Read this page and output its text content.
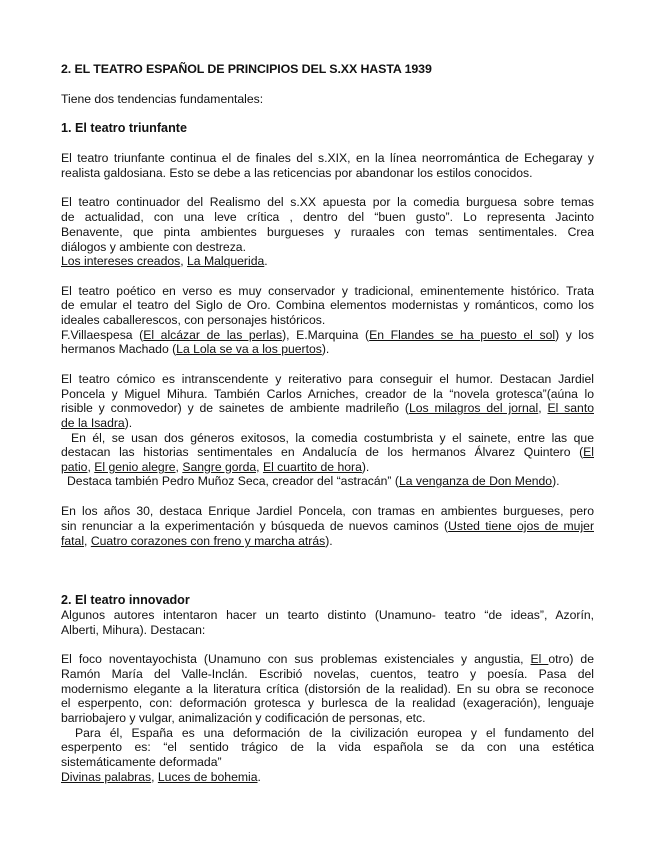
2. EL TEATRO ESPAÑOL DE PRINCIPIOS DEL S.XX HASTA 1939
Tiene dos tendencias fundamentales:
1. El teatro triunfante
El teatro triunfante continua el de finales del s.XIX, en la línea neorromántica de Echegaray y
realista galdosiana. Esto se debe a las reticencias por abandonar los estilos conocidos.
El teatro continuador del Realismo del s.XX apuesta por la comedia burguesa sobre temas
de actualidad, con una leve crítica , dentro del “buen gusto”. Lo representa Jacinto
Benavente, que pinta ambientes burgueses y ruraales con temas sentimentales. Crea
diálogos y ambiente con destreza.
Los intereses creados, La Malquerida.
El teatro poético en verso es muy conservador y tradicional, eminentemente histórico. Trata
de emular el teatro del Siglo de Oro. Combina elementos modernistas y románticos, como los
ideales caballerescos, con personajes históricos.
F.Villaespesa (El alcázar de las perlas), E.Marquina (En Flandes se ha puesto el sol) y los
hermanos Machado (La Lola se va a los puertos).
El teatro cómico es intranscendente y reiterativo para conseguir el humor. Destacan Jardiel
Poncela y Miguel Mihura. También Carlos Arniches, creador de la “novela grotesca”(aúna lo
risible y conmovedor) y de sainetes de ambiente madrileño (Los milagros del jornal, El santo
de la Isadra).
En él, se usan dos géneros exitosos, la comedia costumbrista y el sainete, entre las que
destacan las historias sentimentales en Andalucía de los hermanos Álvarez Quintero (El
patio, El genio alegre, Sangre gorda, El cuartito de hora).
Destaca también Pedro Muñoz Seca, creador del “astracán” (La venganza de Don Mendo).
En los años 30, destaca Enrique Jardiel Poncela, con tramas en ambientes burgueses, pero
sin renunciar a la experimentación y búsqueda de nuevos caminos (Usted tiene ojos de mujer
fatal, Cuatro corazones con freno y marcha atrás).
2. El teatro innovador
Algunos autores intentaron hacer un tearto distinto (Unamuno- teatro “de ideas”, Azorín,
Alberti, Mihura). Destacan:
El foco noventayochista (Unamuno con sus problemas existenciales y angustia, El otro) de
Ramón María del Valle-Inclán. Escribió novelas, cuentos, teatro y poesía. Pasa del
modernismo elegante a la literatura crítica (distorsión de la realidad). En su obra se reconoce
el esperpento, con: deformación grotesca y burlesca de la realidad (exageración), lenguaje
barriobajero y vulgar, animalización y codificación de personas, etc.
Para él, España es una deformación de la civilización europea y el fundamento del
esperpento es: “el sentido trágico de la vida española se da con una estética
sistemáticamente deformada”
Divinas palabras, Luces de bohemia.
